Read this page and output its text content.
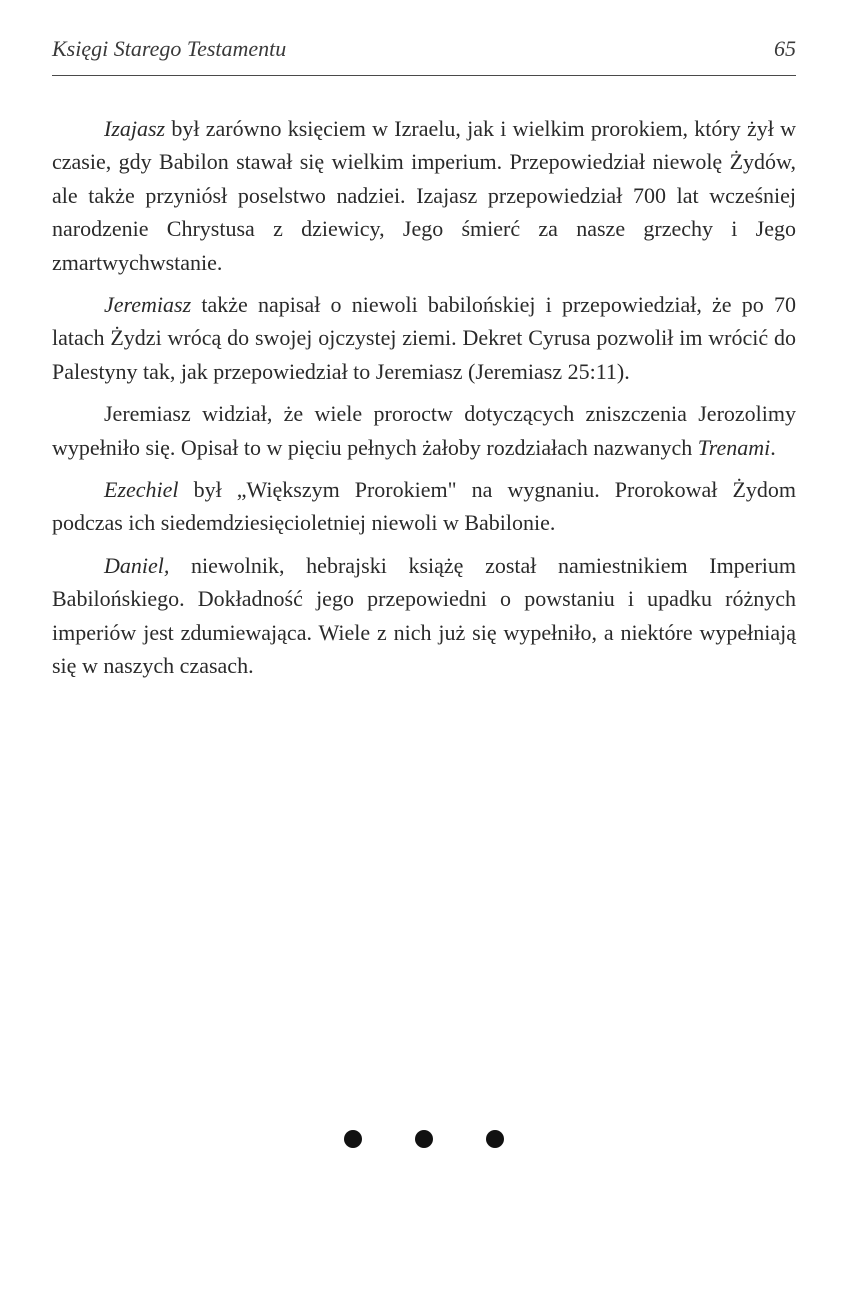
Księgi Starego Testamentu	65

Izajasz był zarówno księciem w Izraelu, jak i wielkim prorokiem, który żył w czasie, gdy Babilon stawał się wielkim imperium. Przepowiedział niewolę Żydów, ale także przyniósł poselstwo nadziei. Izajasz przepowiedział 700 lat wcześniej narodzenie Chrystusa z dziewicy, Jego śmierć za nasze grzechy i Jego zmartwychwstanie.

Jeremiasz także napisał o niewoli babilońskiej i przepowiedział, że po 70 latach Żydzi wrócą do swojej ojczystej ziemi. Dekret Cyrusa pozwolił im wrócić do Palestyny tak, jak przepowiedział to Jeremiasz (Jeremiasz 25:11).

Jeremiasz widział, że wiele proroctw dotyczących zniszczenia Jerozolimy wypełniło się. Opisał to w pięciu pełnych żałoby rozdziałach nazwanych Trenami.

Ezechiel był „Większym Prorokiem" na wygnaniu. Prorokował Żydom podczas ich siedemdziesięcioletniej niewoli w Babilonie.

Daniel, niewolnik, hebrajski książę został namiestnikiem Imperium Babilońskiego. Dokładność jego przepowiedni o powstaniu i upadku różnych imperiów jest zdumiewająca. Wiele z nich już się wypełniło, a niektóre wypełniają się w naszych czasach.
